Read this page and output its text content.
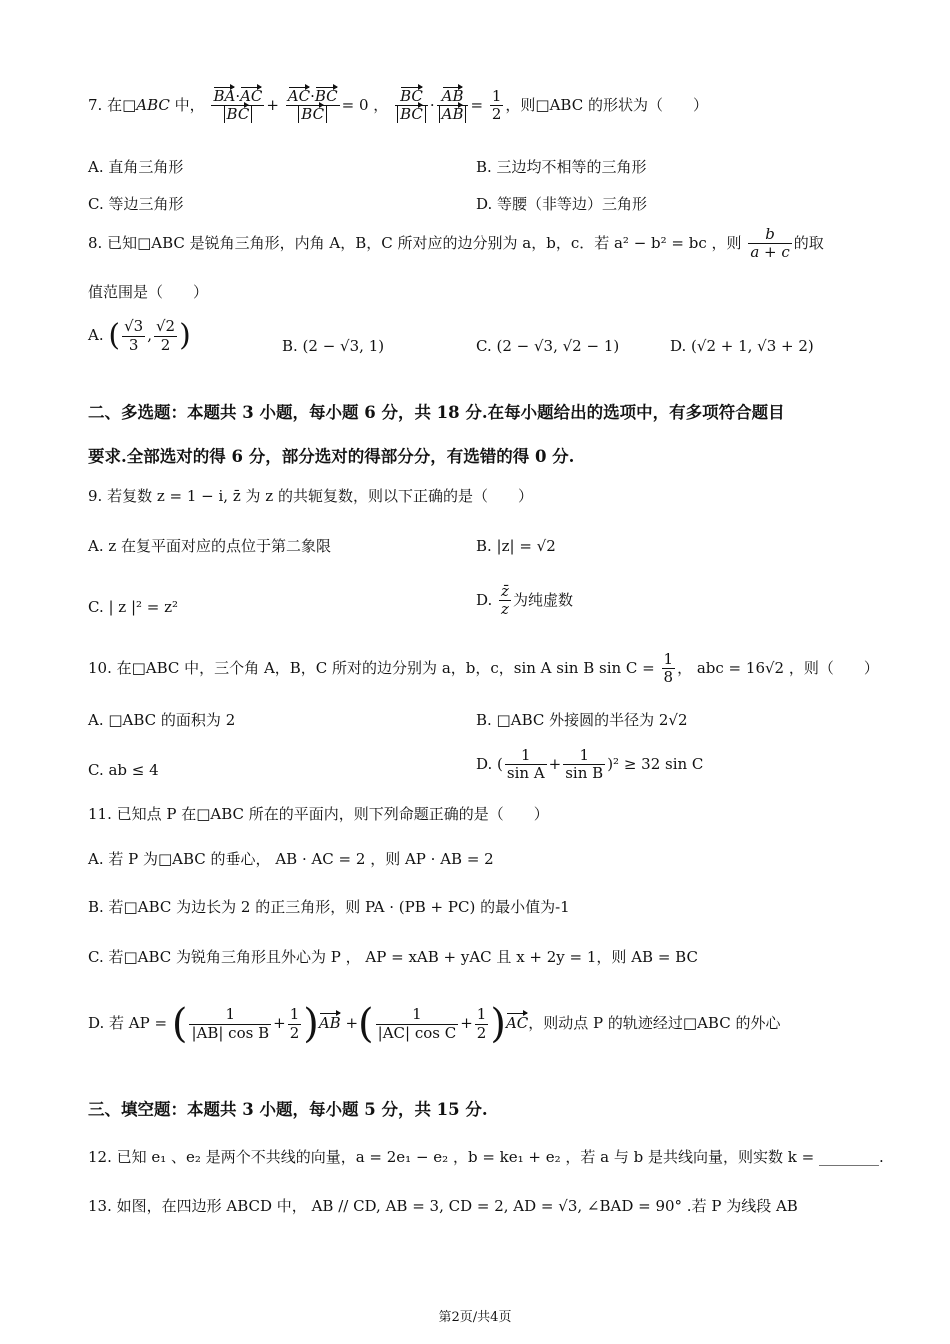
7. 在□ABC 中， $\frac{BA\cdot AC}{BC} + \frac{AC\cdot BC}{BC} = 0$ ， $\frac{BC}{BC} \cdot \frac{AB}{AB} = \frac{1}{2}$ ，则□ABC 的形状为（　　）
A. 直角三角形	B. 三边均不相等的三角形
C. 等边三角形	D. 等腰（非等边）三角形
8. 已知□ABC 是锐角三角形，内角 A，B，C 所对应的边分别为 a，b，c．若 a² − b² = bc ，则 $\frac{b}{a + c}$ 的取
值范围是（　　）
A. ( $\frac{√3}{3}$ , $\frac{√2}{2}$ )	B. (2 − √3, 1)	C. (2 − √3, √2 − 1)	D. (√2 + 1, √3 + 2)
二、多选题：本题共 3 小题，每小题 6 分，共 18 分.在每小题给出的选项中，有多项符合题目
要求.全部选对的得 6 分，部分选对的得部分分，有选错的得 0 分.
9. 若复数 z = 1 − i, z̄ 为 z 的共轭复数，则以下正确的是（　　）
A. z 在复平面对应的点位于第二象限	B. |z| = √2
C. | z |² = z²	D. $\frac{z̄}{z}$ 为纯虚数
10. 在□ABC 中，三个角 A，B，C 所对的边分别为 a，b，c，sin A sin B $\sin C = \frac{1}{8}$ ， abc = 16√2 ，则（　　）
A. □ABC 的面积为 2	B. □ABC 外接圆的半径为 2√2
C. ab ≤ 4	D. ( $\frac{1}{\text{sin A}} + \frac{1}{\text{sin B}} )^2 \ge 32$ sin C
11. 已知点 P 在□ABC 所在的平面内，则下列命题正确的是（　　）
A. 若 P 为□ABC 的垂心， AB · AC = 2 ，则 AP · AB = 2
B. 若□ABC 为边长为 2 的正三角形，则 PA · (PB + PC) 的最小值为-1
C. 若□ABC 为锐角三角形且外心为 P ， AP = xAB + yAC 且 x + 2y = 1，则 AB = BC
D. 若 AP = ( $\frac{1}{\text{|AB| cos B}} + \frac{1}{2} )AB$ +( $\frac{1}{\text{|AC| cos C}} + \frac{1}{2} )AC$，则动点 P 的轨迹经过□ABC 的外心
三、填空题：本题共 3 小题，每小题 5 分，共 15 分.
12. 已知 e₁ 、e₂ 是两个不共线的向量，a = 2e₁ − e₂ ，b = ke₁ + e₂ ，若 a 与 b 是共线向量，则实数 k = ________.
13. 如图，在四边形 ABCD 中， AB // CD, AB = 3, CD = 2, AD = √3, ∠BAD = 90° .若 P 为线段 AB
第2页/共4页
